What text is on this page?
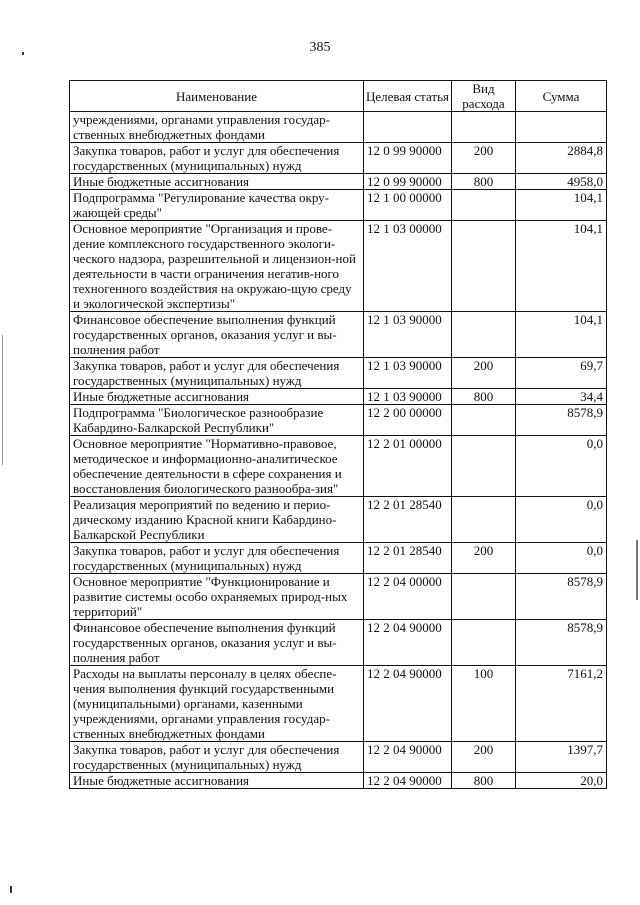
385
Наименование	Целевая статья	Вид расхода	Сумма
учреждениями, органами управления государ-ственных внебюджетных фондами			
Закупка товаров, работ и услуг для обеспечения государственных (муниципальных) нужд	12 0 99 90000	200	2884,8
Иные бюджетные ассигнования	12 0 99 90000	800	4958,0
Подпрограмма "Регулирование качества окру-жающей среды"	12 1 00 00000		104,1
Основное мероприятие "Организация и прове-дение комплексного государственного экологи-ческого надзора, разрешительной и лицензион-ной деятельности в части ограничения негатив-ного техногенного воздействия на окружаю-щую среду и экологической экспертизы"	12 1 03 00000		104,1
Финансовое обеспечение выполнения функций государственных органов, оказания услуг и вы-полнения работ	12 1 03 90000		104,1
Закупка товаров, работ и услуг для обеспечения государственных (муниципальных) нужд	12 1 03 90000	200	69,7
Иные бюджетные ассигнования	12 1 03 90000	800	34,4
Подпрограмма "Биологическое разнообразие Кабардино-Балкарской Республики"	12 2 00 00000		8578,9
Основное мероприятие "Нормативно-правовое, методическое и информационно-аналитическое обеспечение деятельности в сфере сохранения и восстановления биологического разнообра-зия"	12 2 01 00000		0,0
Реализация мероприятий по ведению и перио-дическому изданию Красной книги Кабардино-Балкарской Республики	12 2 01 28540		0,0
Закупка товаров, работ и услуг для обеспечения государственных (муниципальных) нужд	12 2 01 28540	200	0,0
Основное мероприятие "Функционирование и развитие системы особо охраняемых природ-ных территорий"	12 2 04 00000		8578,9
Финансовое обеспечение выполнения функций государственных органов, оказания услуг и вы-полнения работ	12 2 04 90000		8578,9
Расходы на выплаты персоналу в целях обеспе-чения выполнения функций государственными (муниципальными) органами, казенными учреждениями, органами управления государ-ственных внебюджетных фондами	12 2 04 90000	100	7161,2
Закупка товаров, работ и услуг для обеспечения государственных (муниципальных) нужд	12 2 04 90000	200	1397,7
Иные бюджетные ассигнования	12 2 04 90000	800	20,0
